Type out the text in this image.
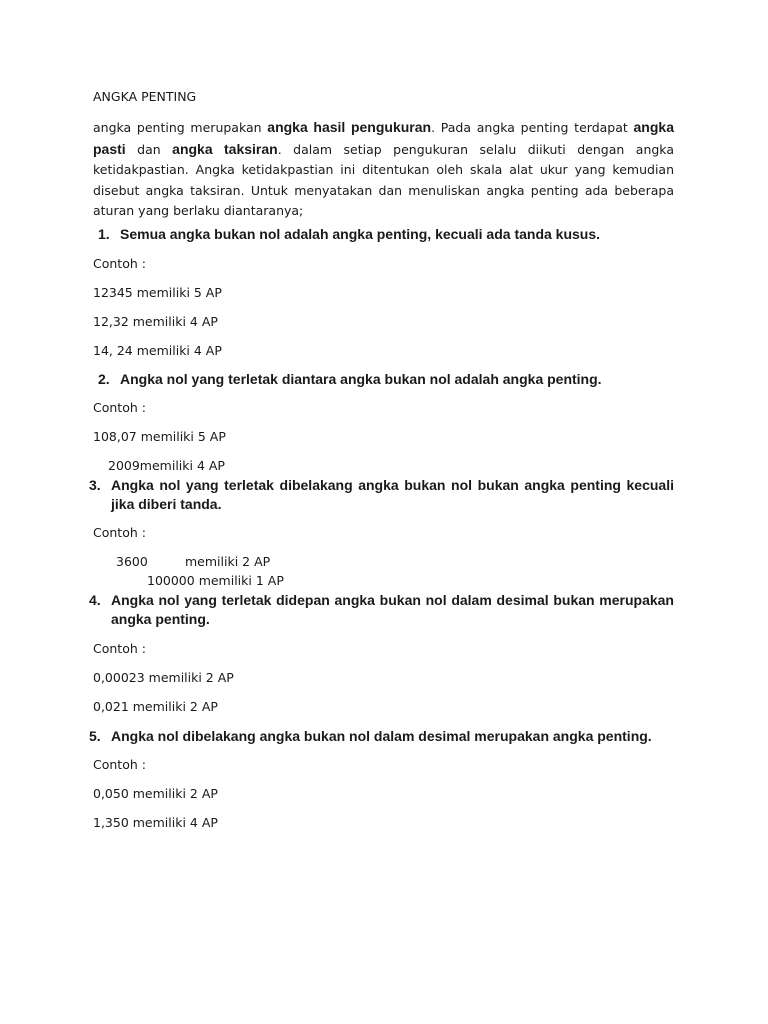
ANGKA PENTING
angka penting merupakan angka hasil pengukuran. Pada angka penting terdapat angka pasti dan angka taksiran. dalam setiap pengukuran selalu diikuti dengan angka ketidakpastian. Angka ketidakpastian ini ditentukan oleh skala alat ukur yang kemudian disebut angka taksiran. Untuk menyatakan dan menuliskan angka penting ada beberapa aturan yang berlaku diantaranya;
1. Semua angka bukan nol adalah angka penting, kecuali ada tanda kusus.
Contoh :
12345 memiliki 5 AP
12,32 memiliki 4 AP
14, 24 memiliki 4 AP
2. Angka nol yang terletak diantara angka bukan nol adalah angka penting.
Contoh :
108,07 memiliki 5 AP
2009memiliki 4 AP
3. Angka nol yang terletak dibelakang angka bukan nol bukan angka penting kecuali jika diberi tanda.
Contoh :
3600	memiliki 2 AP
100000 memiliki 1 AP
4. Angka nol yang terletak didepan angka bukan nol dalam desimal bukan merupakan angka penting.
Contoh :
0,00023 memiliki 2 AP
0,021 memiliki 2 AP
5. Angka nol dibelakang angka bukan nol dalam desimal merupakan angka penting.
Contoh :
0,050 memiliki 2 AP
1,350 memiliki 4 AP
